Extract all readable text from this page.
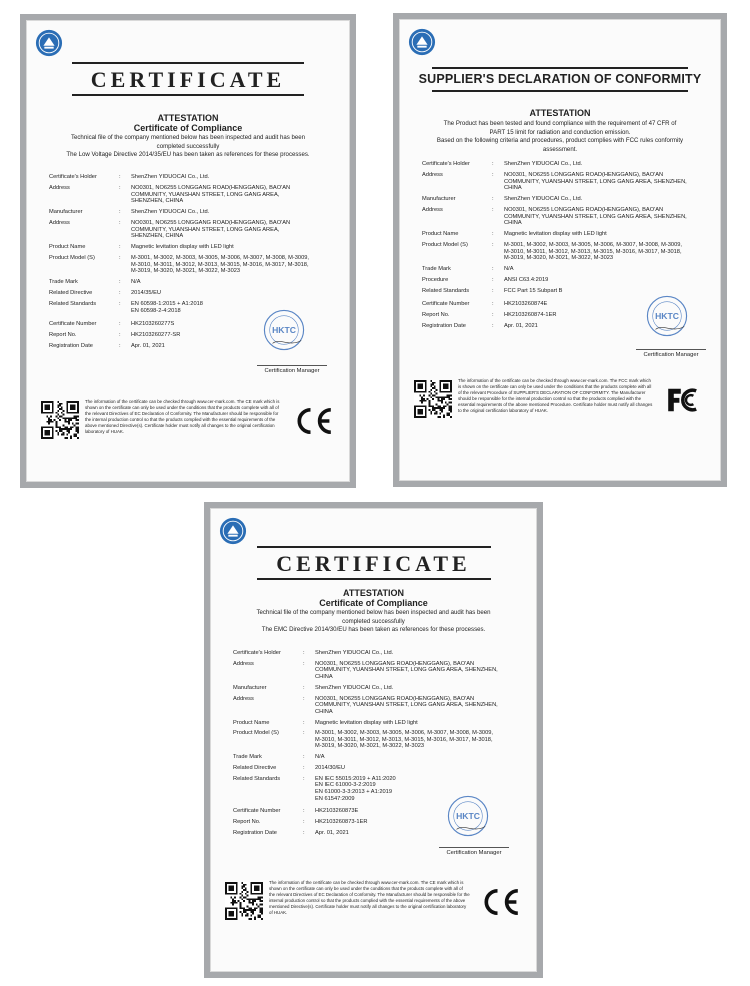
CERTIFICATE
ATTESTATION
Certificate of Compliance
Technical file of the company mentioned below has been inspected and audit has been
completed successfully
The Low Voltage Directive 2014/35/EU has been taken as references for these processes.
Certificate's Holder	:	ShenZhen YIDUOCAI Co., Ltd.
Address	:	NO0301, NO6255 LONGGANG ROAD(HENGGANG), BAO'AN
COMMUNITY, YUANSHAN STREET, LONG GANG AREA,
SHENZHEN, CHINA
Manufacturer	:	ShenZhen YIDUOCAI Co., Ltd.
Address	:	NO0301, NO6255 LONGGANG ROAD(HENGGANG), BAO'AN
COMMUNITY, YUANSHAN STREET, LONG GANG AREA,
SHENZHEN, CHINA
Product Name	:	Magnetic levitation display with LED light
Product Model (S)	:	M-3001, M-3002, M-3003, M-3005, M-3006, M-3007, M-3008, M-3009,
M-3010, M-3011, M-3012, M-3013, M-3015, M-3016, M-3017, M-3018,
M-3019, M-3020, M-3021, M-3022, M-3023
Trade Mark	:	N/A
Related Directive	:	2014/35/EU
Related Standards	:	EN 60598-1:2015 + A1:2018
EN 60598-2-4:2018
Certificate Number	:	HK2103260277S
Report No.	:	HK2103260277-SR
Registration Date	:	Apr. 01, 2021
HKTC
Certification Manager
The information of the certificate can be checked through www.cer-mark.com. The CE mark which is shown on the certificate can only be used under the conditions that the products complete with all of the relevant Directives of EC Declaration of Conformity. The Manufacturer should be responsible for the internal production control so that the products complied with the essential requirements of the above mentioned Directive(s). Certificate holder must notify all changes to the original certification laboratory of HUAK.
SUPPLIER'S DECLARATION OF CONFORMITY
ATTESTATION
The Product has been tested and found compliance with the requirement of 47 CFR of
PART 15 limit for radiation and conduction emission.
Based on the following criteria and procedures, product complies with FCC rules conformity
assessment.
Certificate's Holder	:	ShenZhen YIDUOCAI Co., Ltd.
Address	:	NO0301, NO6255 LONGGANG ROAD(HENGGANG), BAO'AN
COMMUNITY, YUANSHAN STREET, LONG GANG AREA, SHENZHEN,
CHINA
Manufacturer	:	ShenZhen YIDUOCAI Co., Ltd.
Address	:	NO0301, NO6255 LONGGANG ROAD(HENGGANG), BAO'AN
COMMUNITY, YUANSHAN STREET, LONG GANG AREA, SHENZHEN,
CHINA
Product Name	:	Magnetic levitation display with LED light
Product Model (S)	:	M-3001, M-3002, M-3003, M-3005, M-3006, M-3007, M-3008, M-3009,
M-3010, M-3011, M-3012, M-3013, M-3015, M-3016, M-3017, M-3018,
M-3019, M-3020, M-3021, M-3022, M-3023
Trade Mark	:	N/A
Procedure	:	ANSI C63.4:2019
Related Standards	:	FCC Part 15 Subpart B
Certificate Number	:	HK2103260874E
Report No.	:	HK2103260874-1ER
Registration Date	:	Apr. 01, 2021
HKTC
Certification Manager
The information of the certificate can be checked through www.cer-mark.com. The FCC mark which is shown on the certificate can only be used under the conditions that the products complete with all of the relevant Procedure of SUPPLIER'S DECLARATION OF CONFORMITY. The Manufacturer should be responsible for the internal production control so that the products complied with the essential requirements of the above mentioned Procedure. Certificate holder must notify all changes to the original certification laboratory of HUAK.
CERTIFICATE
ATTESTATION
Certificate of Compliance
Technical file of the company mentioned below has been inspected and audit has been
completed successfully
The EMC Directive 2014/30/EU has been taken as references for these processes.
Certificate's Holder	:	ShenZhen YIDUOCAI Co., Ltd.
Address	:	NO0301, NO6255 LONGGANG ROAD(HENGGANG), BAO'AN
COMMUNITY, YUANSHAN STREET, LONG GANG AREA, SHENZHEN,
CHINA
Manufacturer	:	ShenZhen YIDUOCAI Co., Ltd.
Address	:	NO0301, NO6255 LONGGANG ROAD(HENGGANG), BAO'AN
COMMUNITY, YUANSHAN STREET, LONG GANG AREA, SHENZHEN,
CHINA
Product Name	:	Magnetic levitation display with LED light
Product Model (S)	:	M-3001, M-3002, M-3003, M-3005, M-3006, M-3007, M-3008, M-3009,
M-3010, M-3011, M-3012, M-3013, M-3015, M-3016, M-3017, M-3018,
M-3019, M-3020, M-3021, M-3022, M-3023
Trade Mark	:	N/A
Related Directive	:	2014/30/EU
Related Standards	:	EN IEC 55015:2019 + A11:2020
EN IEC 61000-3-2:2019
EN 61000-3-3:2013 + A1:2019
EN 61547:2009
Certificate Number	:	HK2103260873E
Report No.	:	HK2103260873-1ER
Registration Date	:	Apr. 01, 2021
HKTC
Certification Manager
The information of the certificate can be checked through www.cer-mark.com. The CE mark which is shown on the certificate can only be used under the conditions that the products complete with all of the relevant Directives of EC Declaration of Conformity. The Manufacturer should be responsible for the internal production control so that the products complied with the essential requirements of the above mentioned Directive(s). Certificate holder must notify all changes to the original certification laboratory of HUAK.
